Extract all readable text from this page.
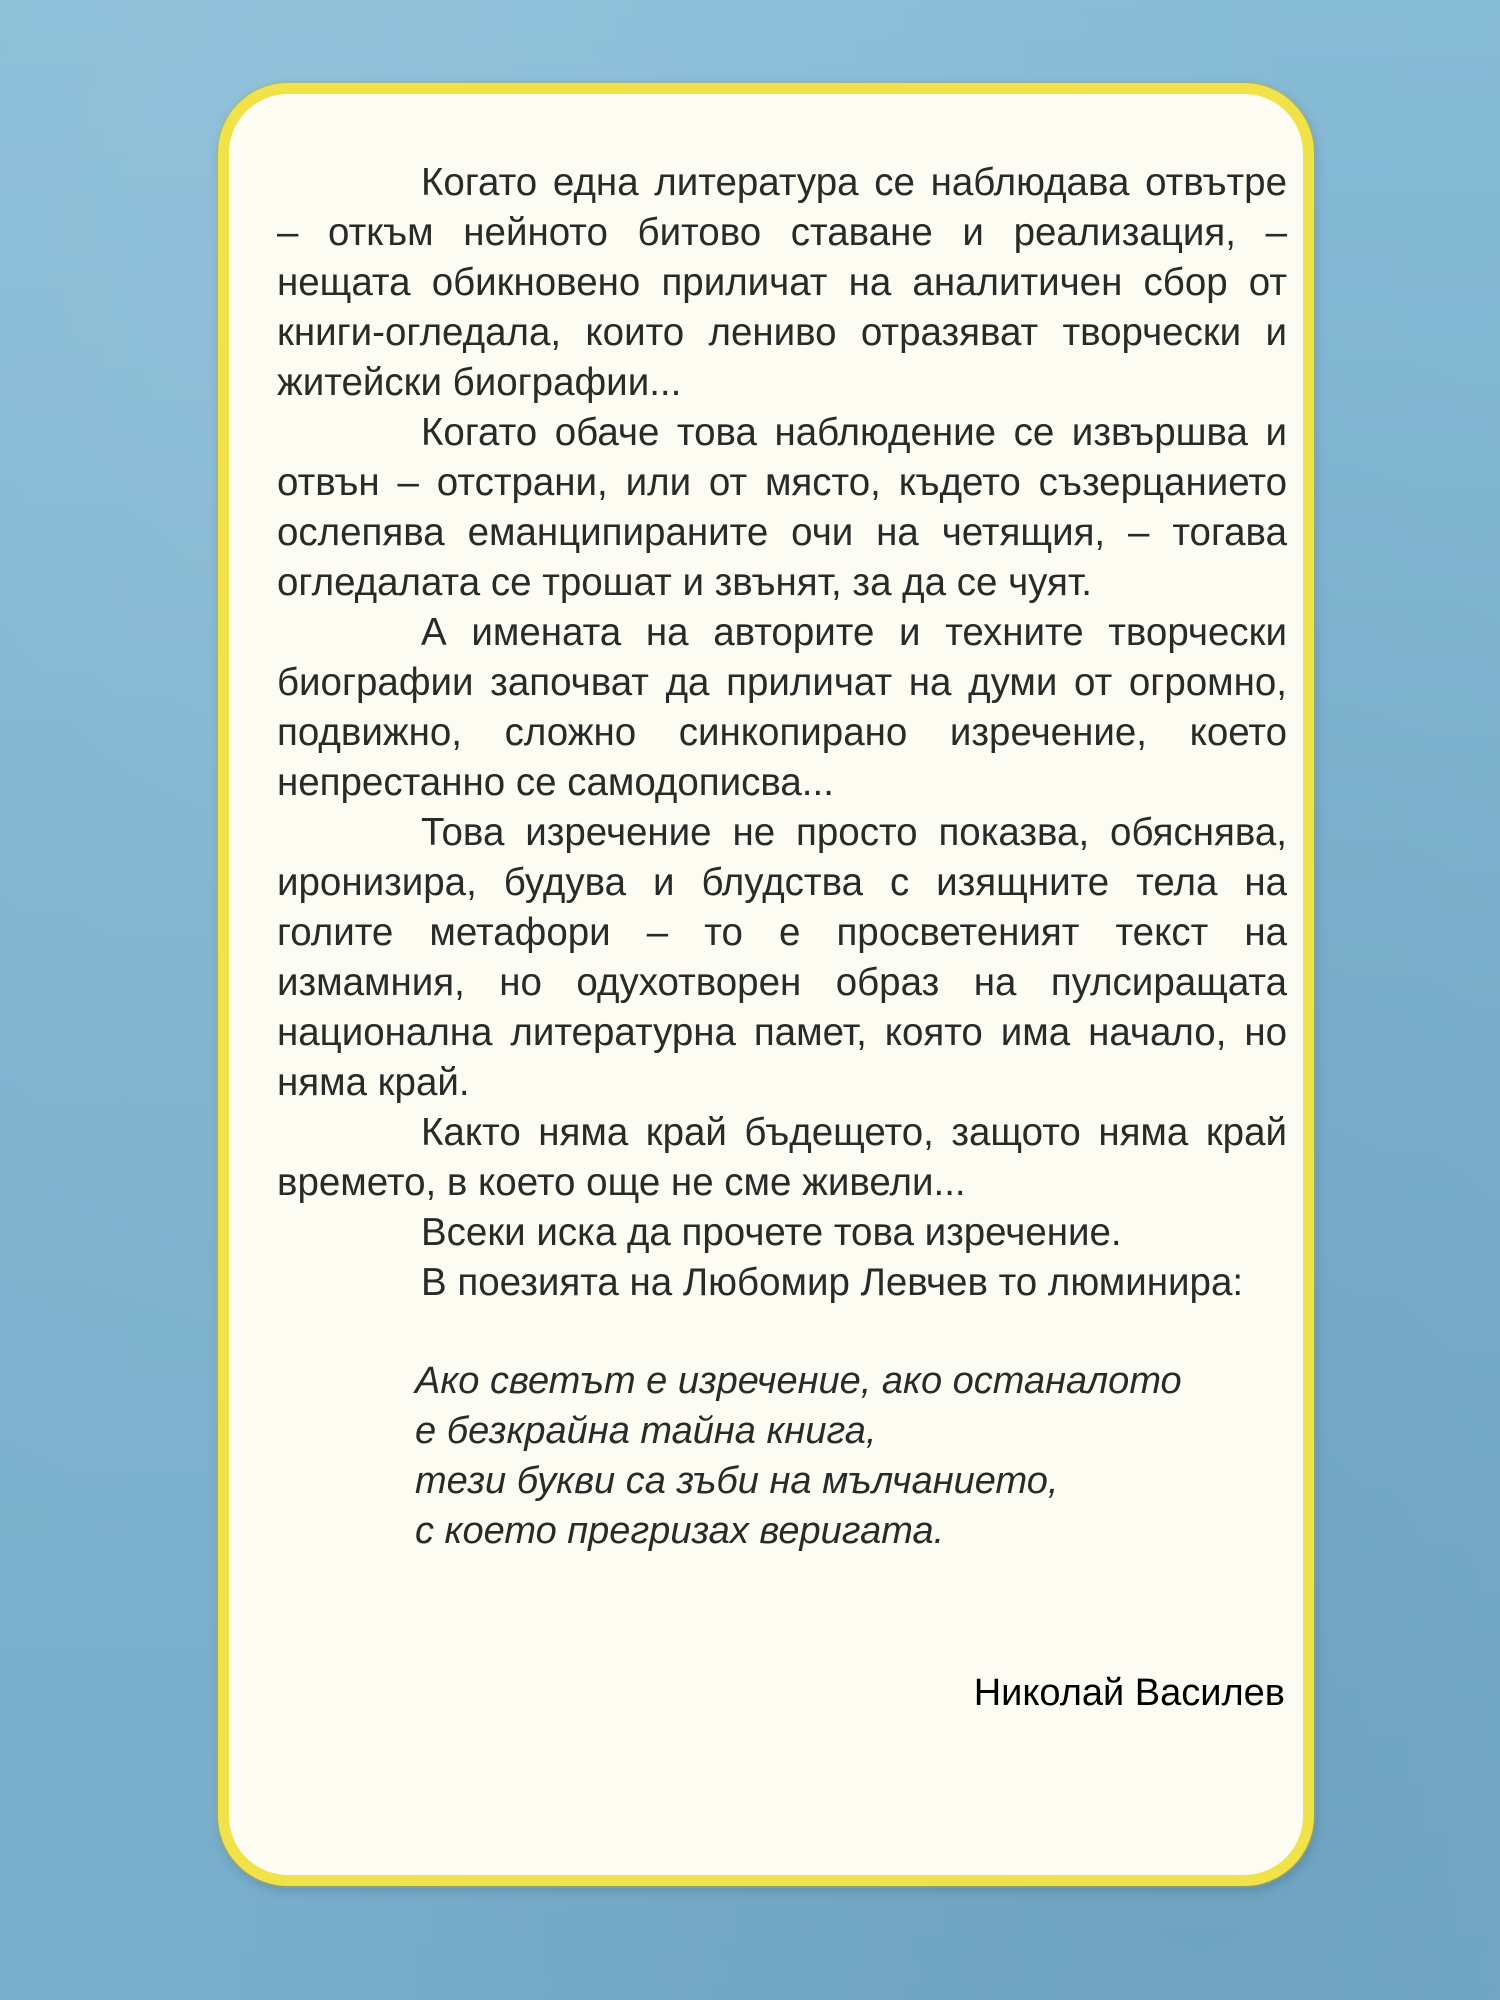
Когато една литература се наблюдава отвътре – откъм нейното битово ставане и реализация, – нещата обикновено приличат на аналитичен сбор от книги-огледала, които лениво отразяват творчески и житейски биографии...

Когато обаче това наблюдение се извършва и отвън – отстрани, или от място, където съзерцанието ослепява еманципираните очи на четящия, – тогава огледалата се трошат и звънят, за да се чуят.

А имената на авторите и техните творчески биографии започват да приличат на думи от огромно, подвижно, сложно синкопирано изречение, което непрестанно се самодописва...

Това изречение не просто показва, обяснява, иронизира, будува и блудства с изящните тела на голите метафори – то е просветеният текст на измамния, но одухотворен образ на пулсиращата национална литературна памет, която има начало, но няма край.

Както няма край бъдещето, защото няма край времето, в което още не сме живели...

Всеки иска да прочете това изречение.

В поезията на Любомир Левчев то люминира:

Ако светът е изречение, ако останалото
е безкрайна тайна книга,
тези букви са зъби на мълчанието,
с което прегризах веригата.
Николай Василев
